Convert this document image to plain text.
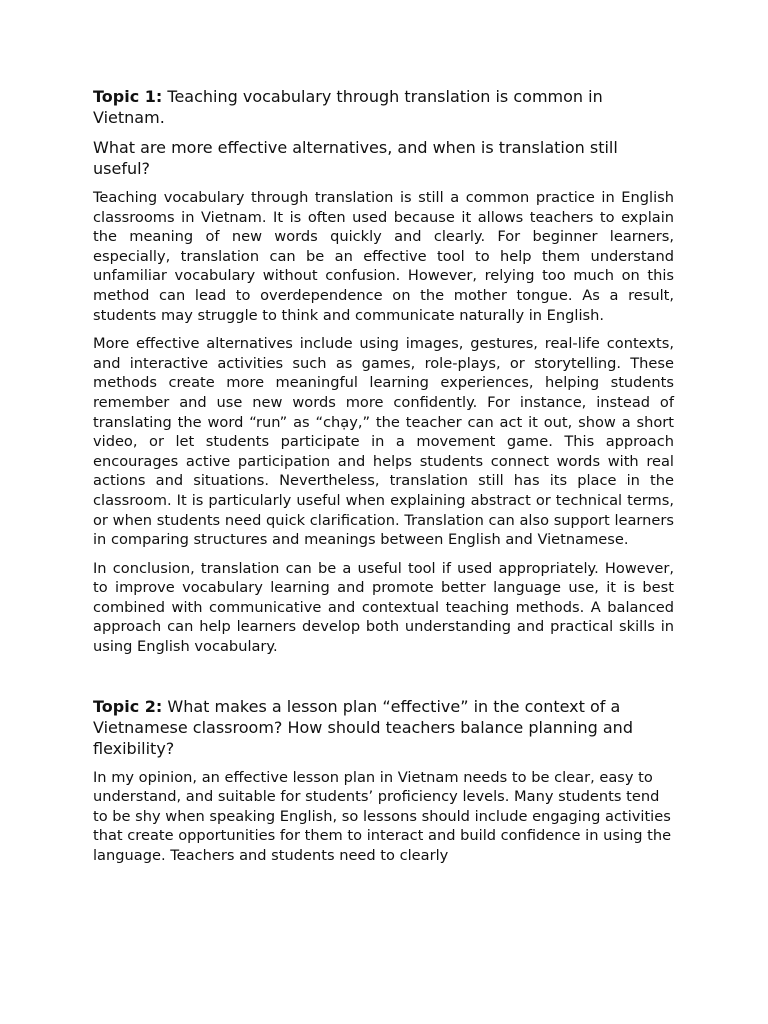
Topic 1: Teaching vocabulary through translation is common in Vietnam.

What are more effective alternatives, and when is translation still useful?

Teaching vocabulary through translation is still a common practice in English classrooms in Vietnam. It is often used because it allows teachers to explain the meaning of new words quickly and clearly. For beginner learners, especially, translation can be an effective tool to help them understand unfamiliar vocabulary without confusion. However, relying too much on this method can lead to overdependence on the mother tongue. As a result, students may struggle to think and communicate naturally in English.

More effective alternatives include using images, gestures, real-life contexts, and interactive activities such as games, role-plays, or storytelling. These methods create more meaningful learning experiences, helping students remember and use new words more confidently. For instance, instead of translating the word “run” as “chạy,” the teacher can act it out, show a short video, or let students participate in a movement game. This approach encourages active participation and helps students connect words with real actions and situations. Nevertheless, translation still has its place in the classroom. It is particularly useful when explaining abstract or technical terms, or when students need quick clarification. Translation can also support learners in comparing structures and meanings between English and Vietnamese.

In conclusion, translation can be a useful tool if used appropriately. However, to improve vocabulary learning and promote better language use, it is best combined with communicative and contextual teaching methods. A balanced approach can help learners develop both understanding and practical skills in using English vocabulary.

Topic 2: What makes a lesson plan “effective” in the context of a Vietnamese classroom? How should teachers balance planning and flexibility?

In my opinion, an effective lesson plan in Vietnam needs to be clear, easy to understand, and suitable for students’ proficiency levels. Many students tend to be shy when speaking English, so lessons should include engaging activities that create opportunities for them to interact and build confidence in using the language. Teachers and students need to clearly
